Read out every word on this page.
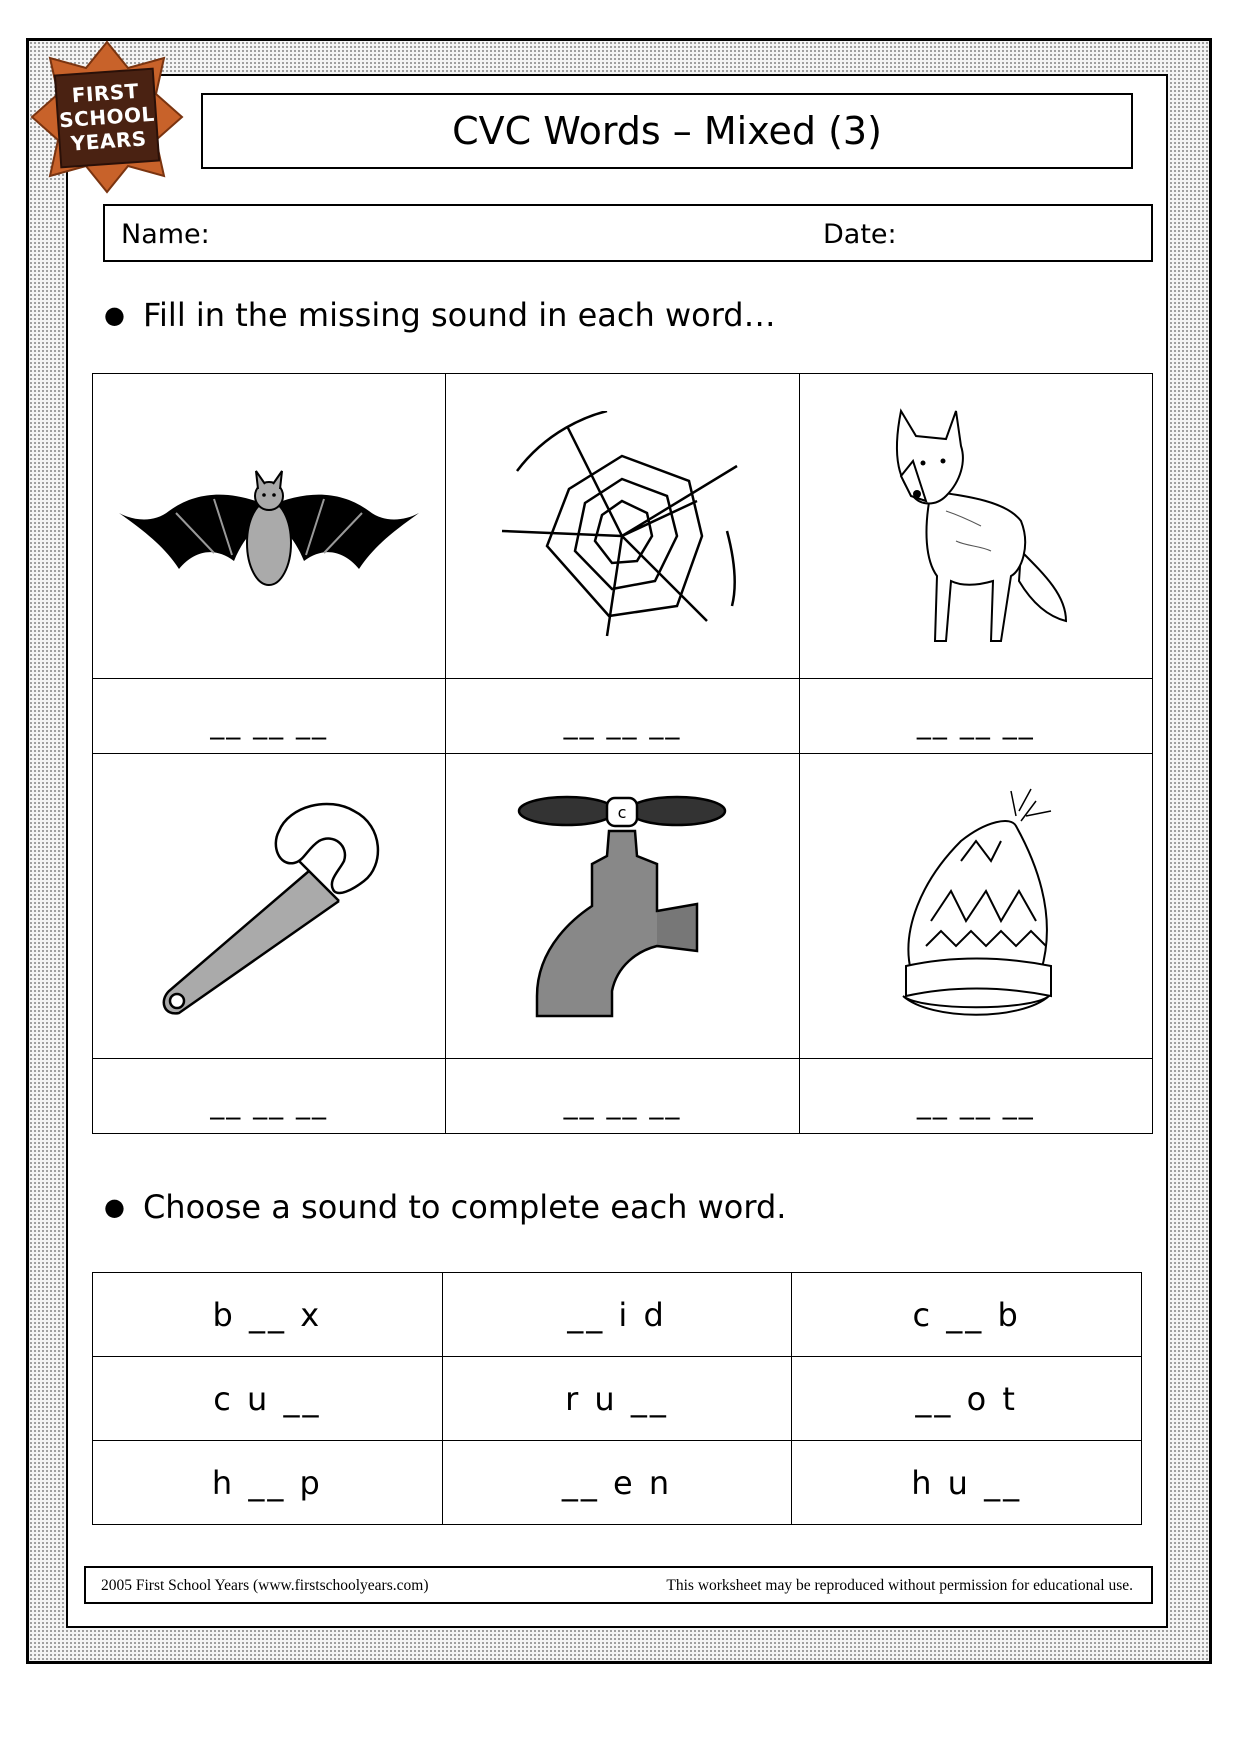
FIRST
SCHOOL
YEARS	CVC Words – Mixed (3)
Name:	Date:
● Fill in the missing sound in each word…

__ __ __	__ __ __	__ __ __

c

__ __ __	__ __ __	__ __ __
● Choose a sound to complete each word.
b __ x	__ i d	c __ b
c u __	r u __	__ o t
h __ p	__ e n	h u __
2005 First School Years (www.firstschoolyears.com)	This worksheet may be reproduced without permission for educational use.
